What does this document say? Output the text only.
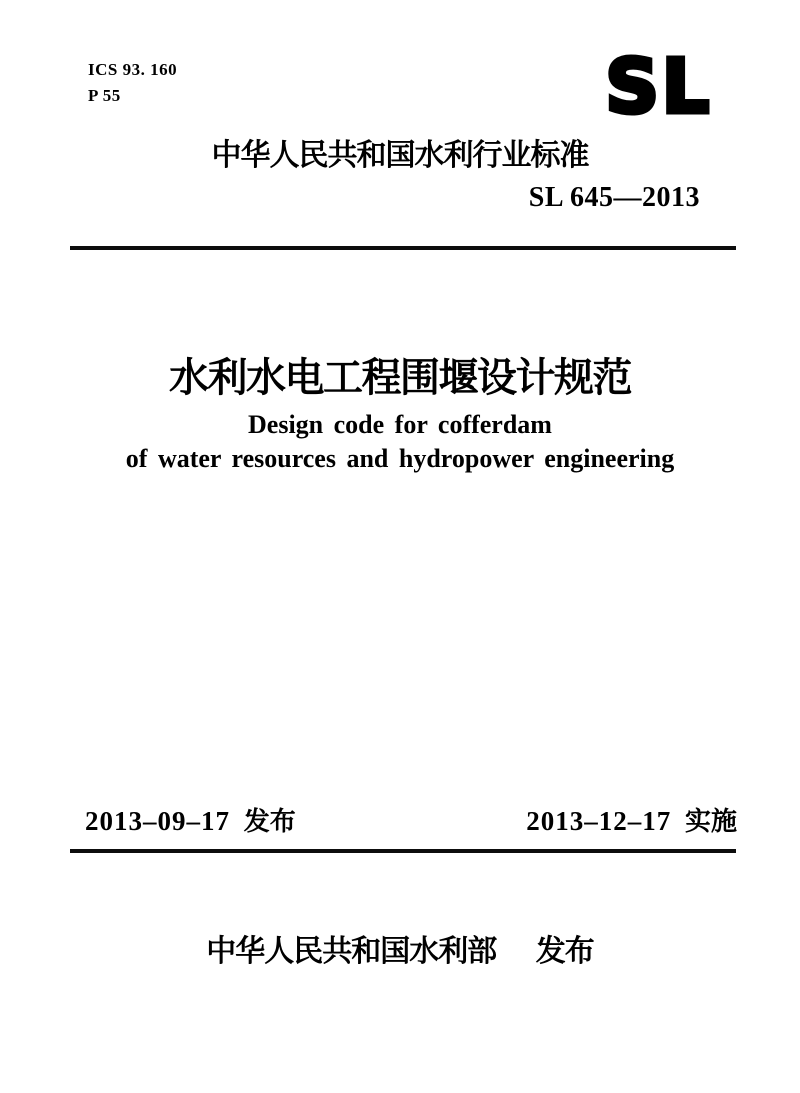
ICS 93. 160
P 55	SL
中华人民共和国水利行业标准
SL 645—2013
水利水电工程围堰设计规范
Design code for cofferdam
of water resources and hydropower engineering
2013–09–17 发布	2013–12–17 实施
中华人民共和国水利部 发布
